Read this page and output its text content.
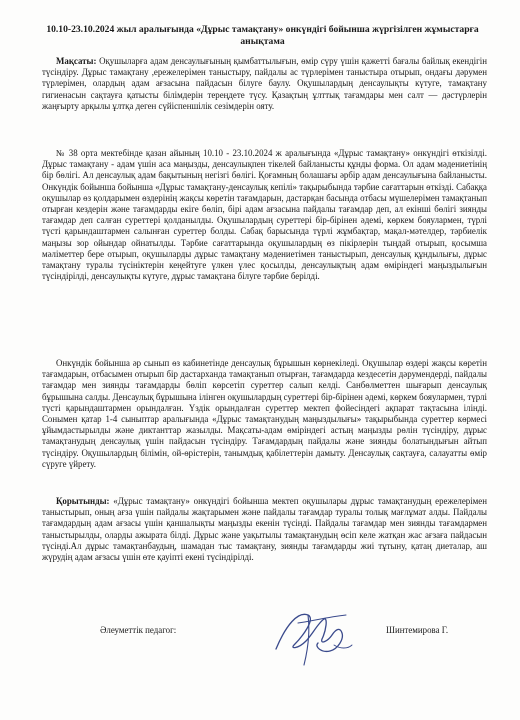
10.10-23.10.2024 жыл аралығында «Дұрыс тамақтану» онкүндігі бойынша жүргізілген жұмыстарға анықтама

Мақсаты: Оқушыларға адам денсаулығының қымбаттылығын, өмір сүру үшін қажетті бағалы байлық екендігін түсіндіру. Дұрыс тамақтану ,ережелерімен таныстыру, пайдалы ас түрлерімен таныстыра отырып, ондағы дәрумен түрлерімен, олардың адам ағзасына пайдасын білуге баулу. Оқушылардың денсаулықты күтуге, тамақтану гигиенасын сақтауға қатысты білімдерін тереңдете түсу. Қазақтың ұлттық тағамдары мен салт — дәстүрлерін жаңғырту арқылы ұлтқа деген сүйіспеншілік сезімдерін ояту.

№ 38 орта мектебінде қазан айының 10.10 - 23.10.2024 ж аралығында «Дұрыс тамақтану» онкүндігі өткізілді. Дұрыс тамақтану - адам үшін аса маңызды, денсаулықпен тікелей байланысты құнды форма. Ол адам мәдениетінің бір бөлігі. Ал денсаулық адам бақытының негізгі бөлігі. Қоғамның болашағы әрбір адам денсаулығына байланысты. Онкүндік бойынша бойынша «Дұрыс тамақтану-денсаулық кепілі» тақырыбында тәрбие сағаттарын өткізді. Сабаққа оқушылар өз қолдарымен өздерінің жақсы көретін тағамдарын, дастарқан басында отбасы мүшелерімен тамақтанып отырған кездерін және тағамдарды екіге бөліп, бірі адам ағзасына пайдалы тағамдар деп, ал екінші бөлігі зиянды тағамдар деп салған суреттері қолданылды. Оқушылардың суреттері бір-бірінен әдемі, көркем бояулармен, түрлі түсті қарындаштармен салынған суреттер болды. Сабақ барысында түрлі жұмбақтар, мақал-мәтелдер, тәрбиелік маңызы зор ойындар ойнатылды. Тәрбие сағаттарында оқушылардың өз пікірлерін тыңдай отырып, қосымша мәліметтер бере отырып, оқушыларды дұрыс тамақтану мәдениетімен таныстырып, денсаулық құндылығы, дұрыс тамақтану туралы түсініктерін кеңейтуге үлкен үлес қосылды, денсаулықтың адам өміріндегі маңыздылығын түсіндірілді, денсаулықты күтуге, дұрыс тамақтана білуге тәрбие берілді.

Онкүндік бойынша әр сынып өз кабинетінде денсаулық бұрышын көрнекіледі. Оқушылар өздері жақсы көретін тағамдарын, отбасымен отырып бір дастарханда тамақтанып отырған, тағамдарда кездесетін дәрумендерді, пайдалы тағамдар мен зиянды тағамдарды бөліп көрсетіп суреттер салып келді. Санбөлметтен шығарып денсаулық бұрышына салды. Денсаулық бұрышына ілінген оқушылардың суреттері бір-бірінен әдемі, көркем бояулармен, түрлі түсті қарындаштармен орындалған. Үздік орындалған суреттер мектеп фойесіндегі ақпарат тақтасына ілінді. Сонымен қатар 1-4 сыныптар аралығында «Дұрыс тамақтанудың маңыздылығы» тақырыбында суреттер көрмесі ұйымдастырылды және диктанттар жазылды. Мақсаты-адам өміріндегі астың маңызды рөлін түсіндіру, дұрыс тамақтанудың денсаулық үшін пайдасын түсіндіру. Тағамдардың пайдалы және зиянды болатындығын айтып түсіндіру. Оқушылардың білімін, ой-өрістерін, танымдық қабілеттерін дамыту. Денсаулық сақтауға, салауатты өмір сүруге үйрету.

Қорытынды: «Дұрыс тамақтану» онкүндігі бойынша мектеп оқушылары дұрыс тамақтанудың ережелерімен таныстырып, оның ағза үшін пайдалы жақтарымен және пайдалы тағамдар туралы толық мағлұмат алды. Пайдалы тағамдардың адам ағзасы үшін қаншалықты маңызды екенін түсінді. Пайдалы тағамдар мен зиянды тағамдармен таныстырылды, оларды ажырата білді. Дұрыс және уақытылы тамақтанудың өсіп келе жатқан жас ағзаға пайдасын түсінді.Ал дұрыс тамақтанбаудың, шамадан тыс тамақтану, зиянды тағамдарды жиі тұтыну, қатаң диеталар, аш жүрудің адам ағзасы үшін өте қауіпті екені түсіндірілді.

Әлеуметтік педагог:	Шинтемирова Г.
